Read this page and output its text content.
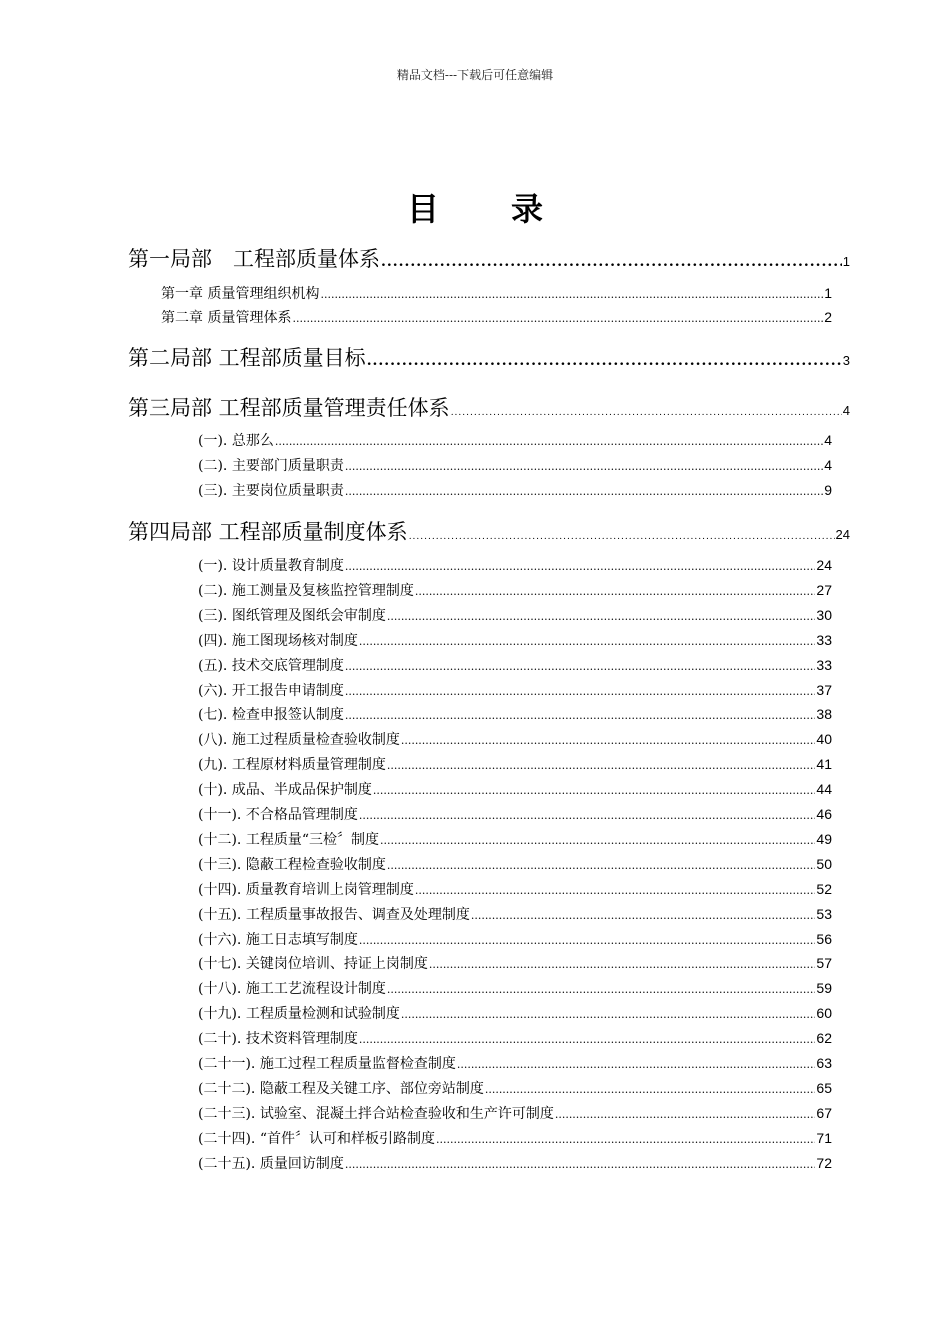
精品文档---下载后可任意编辑
目 录
第一局部　工程部质量体系 .....	1
第一章 质量管理组织机构 .....	1
第二章 质量管理体系 .....	2
第二局部 工程部质量目标 .....	3
第三局部 工程部质量管理责任体系 .....	4
(一). 总那么 .....	4
(二). 主要部门质量职责 .....	4
(三). 主要岗位质量职责 .....	9
第四局部 工程部质量制度体系 .....	24
(一). 设计质量教育制度 .....	24
(二). 施工测量及复核监控管理制度 .....	27
(三). 图纸管理及图纸会审制度 .....	30
(四). 施工图现场核对制度 .....	33
(五). 技术交底管理制度 .....	33
(六). 开工报告申请制度 .....	37
(七). 检查申报签认制度 .....	38
(八). 施工过程质量检查验收制度 .....	40
(九). 工程原材料质量管理制度 .....	41
(十). 成品、半成品保护制度 .....	44
(十一). 不合格品管理制度 .....	46
(十二). 工程质量“三检〞制度 .....	49
(十三). 隐蔽工程检查验收制度 .....	50
(十四). 质量教育培训上岗管理制度 .....	52
(十五). 工程质量事故报告、调查及处理制度 .....	53
(十六). 施工日志填写制度 .....	56
(十七). 关键岗位培训、持证上岗制度 .....	57
(十八). 施工工艺流程设计制度 .....	59
(十九). 工程质量检测和试验制度 .....	60
(二十). 技术资料管理制度 .....	62
(二十一). 施工过程工程质量监督检查制度 .....	63
(二十二). 隐蔽工程及关键工序、部位旁站制度 .....	65
(二十三). 试验室、混凝土拌合站检查验收和生产许可制度 .....	67
(二十四). “首件〞认可和样板引路制度 .....	71
(二十五). 质量回访制度 .....	72
